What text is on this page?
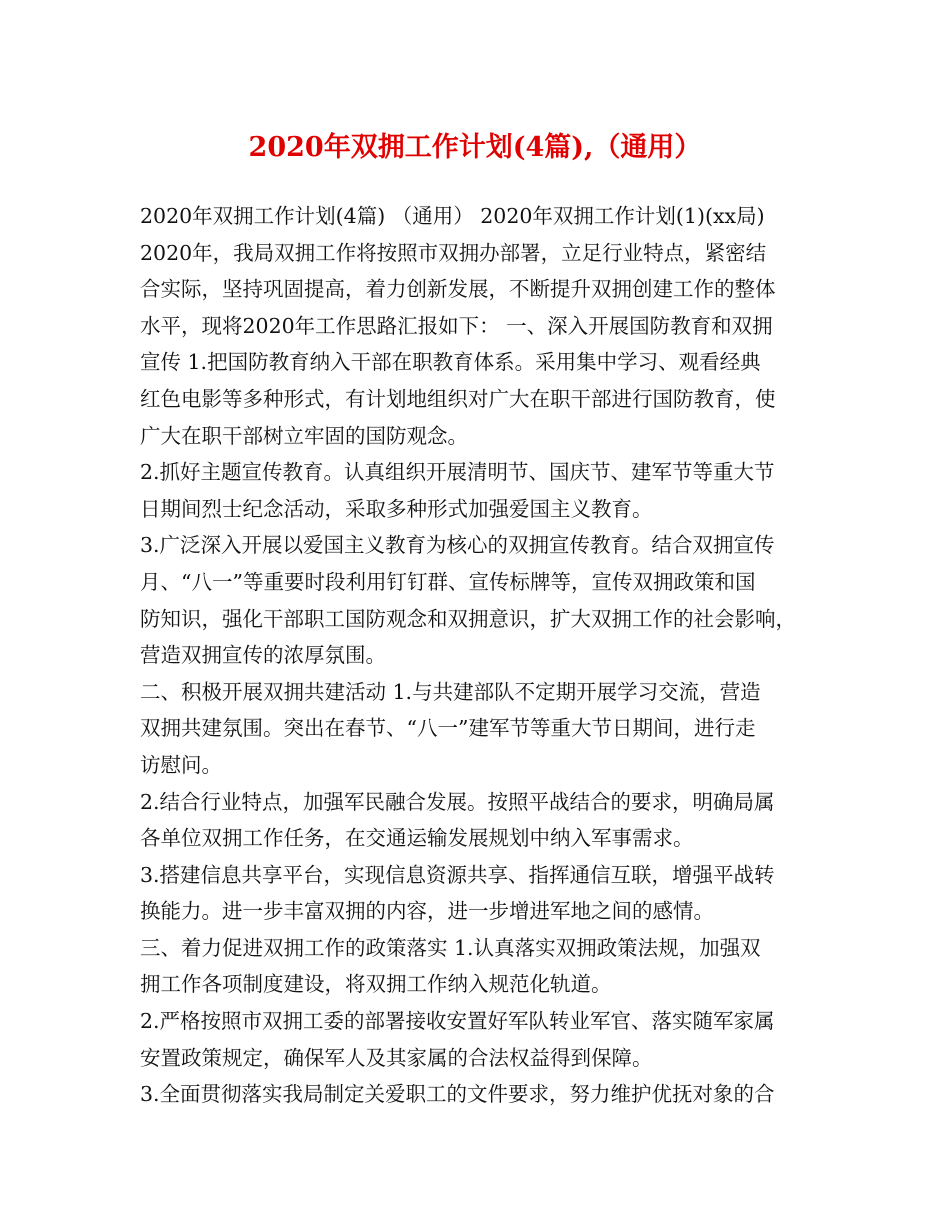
2020年双拥工作计划(4篇),（通用）
2020年双拥工作计划(4篇) （通用） 2020年双拥工作计划(1)(xx局)
2020年，我局双拥工作将按照市双拥办部署，立足行业特点，紧密结
合实际，坚持巩固提高，着力创新发展，不断提升双拥创建工作的整体
水平，现将2020年工作思路汇报如下： 一、深入开展国防教育和双拥
宣传 1.把国防教育纳入干部在职教育体系。采用集中学习、观看经典
红色电影等多种形式，有计划地组织对广大在职干部进行国防教育，使
广大在职干部树立牢固的国防观念。
2.抓好主题宣传教育。认真组织开展清明节、国庆节、建军节等重大节
日期间烈士纪念活动，采取多种形式加强爱国主义教育。
3.广泛深入开展以爱国主义教育为核心的双拥宣传教育。结合双拥宣传
月、“八一”等重要时段利用钉钉群、宣传标牌等，宣传双拥政策和国
防知识，强化干部职工国防观念和双拥意识，扩大双拥工作的社会影响，
营造双拥宣传的浓厚氛围。
二、积极开展双拥共建活动 1.与共建部队不定期开展学习交流，营造
双拥共建氛围。突出在春节、“八一”建军节等重大节日期间，进行走
访慰问。
2.结合行业特点，加强军民融合发展。按照平战结合的要求，明确局属
各单位双拥工作任务，在交通运输发展规划中纳入军事需求。
3.搭建信息共享平台，实现信息资源共享、指挥通信互联，增强平战转
换能力。进一步丰富双拥的内容，进一步增进军地之间的感情。
三、着力促进双拥工作的政策落实 1.认真落实双拥政策法规，加强双
拥工作各项制度建设，将双拥工作纳入规范化轨道。
2.严格按照市双拥工委的部署接收安置好军队转业军官、落实随军家属
安置政策规定，确保军人及其家属的合法权益得到保障。
3.全面贯彻落实我局制定关爱职工的文件要求，努力维护优抚对象的合
